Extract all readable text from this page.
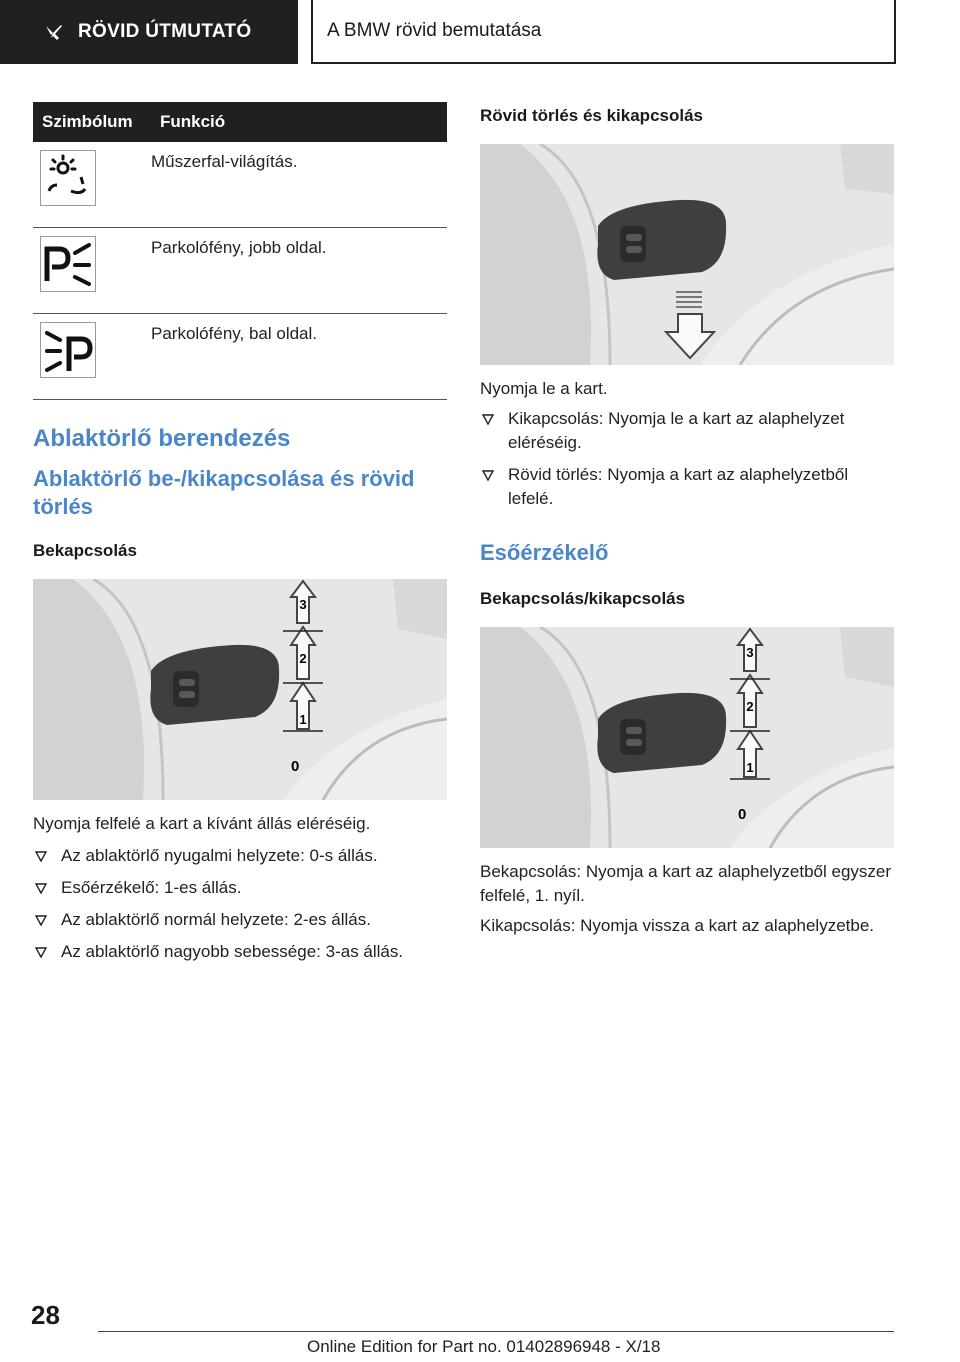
RÖVID ÚTMUTATÓ	A BMW rövid bemutatása
Szimbólum	Funkció

	Műszerfal-világítás.

	Parkolófény, jobb oldal.

	Parkolófény, bal oldal.
Ablaktörlő berendezés
Ablaktörlő be-/kikapcsolása és rövid törlés
Bekapcsolás
3
2
1
0

Nyomja felfelé a kart a kívánt állás eléréséig.

Az ablaktörlő nyugalmi helyzete: 0-s állás.
Esőérzékelő: 1-es állás.
Az ablaktörlő normál helyzete: 2-es állás.
Az ablaktörlő nagyobb sebessége: 3-as állás.
Rövid törlés és kikapcsolás

Nyomja le a kart.

Kikapcsolás: Nyomja le a kart az alaphelyzet eléréséig.
Rövid törlés: Nyomja a kart az alaphelyzetből lefelé.
Esőérzékelő
Bekapcsolás/kikapcsolás
3
2
1
0

Bekapcsolás: Nyomja a kart az alaphelyzetből egyszer felfelé, 1. nyíl.

Kikapcsolás: Nyomja vissza a kart az alaphelyzetbe.

28
Online Edition for Part no. 01402896948 - X/18
